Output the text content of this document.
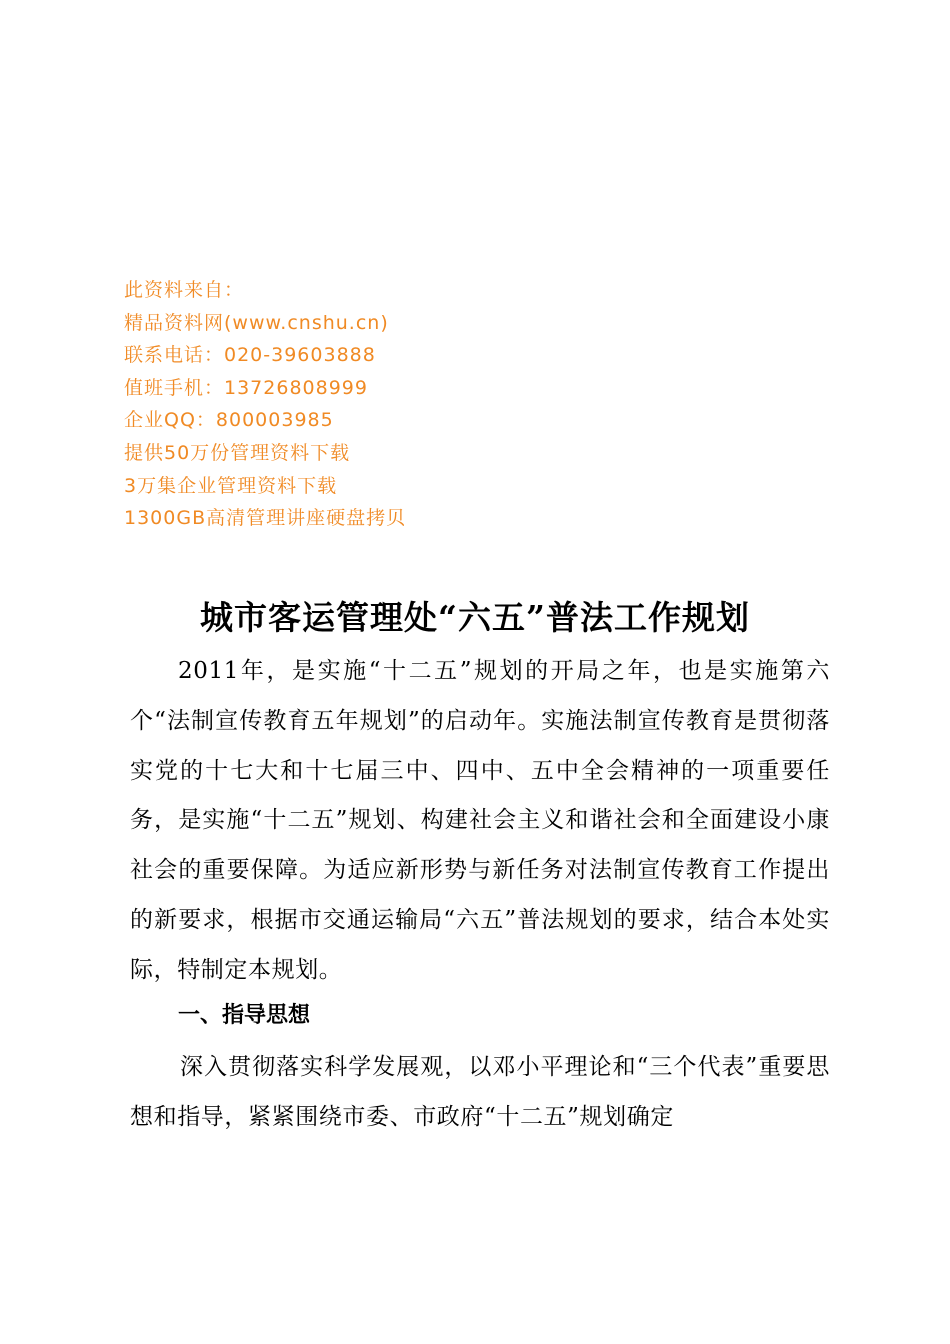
此资料来自：
精品资料网(www.cnshu.cn)
联系电话：020-39603888
值班手机：13726808999
企业QQ：800003985
提供50万份管理资料下载
3万集企业管理资料下载
1300GB高清管理讲座硬盘拷贝
城市客运管理处“六五”普法工作规划

2011年，是实施“十二五”规划的开局之年，也是实施第六个“法制宣传教育五年规划”的启动年。实施法制宣传教育是贯彻落实党的十七大和十七届三中、四中、五中全会精神的一项重要任务，是实施“十二五”规划、构建社会主义和谐社会和全面建设小康社会的重要保障。为适应新形势与新任务对法制宣传教育工作提出的新要求，根据市交通运输局“六五”普法规划的要求，结合本处实际，特制定本规划。

一、指导思想

深入贯彻落实科学发展观，以邓小平理论和“三个代表”重要思想和指导，紧紧围绕市委、市政府“十二五”规划确定
